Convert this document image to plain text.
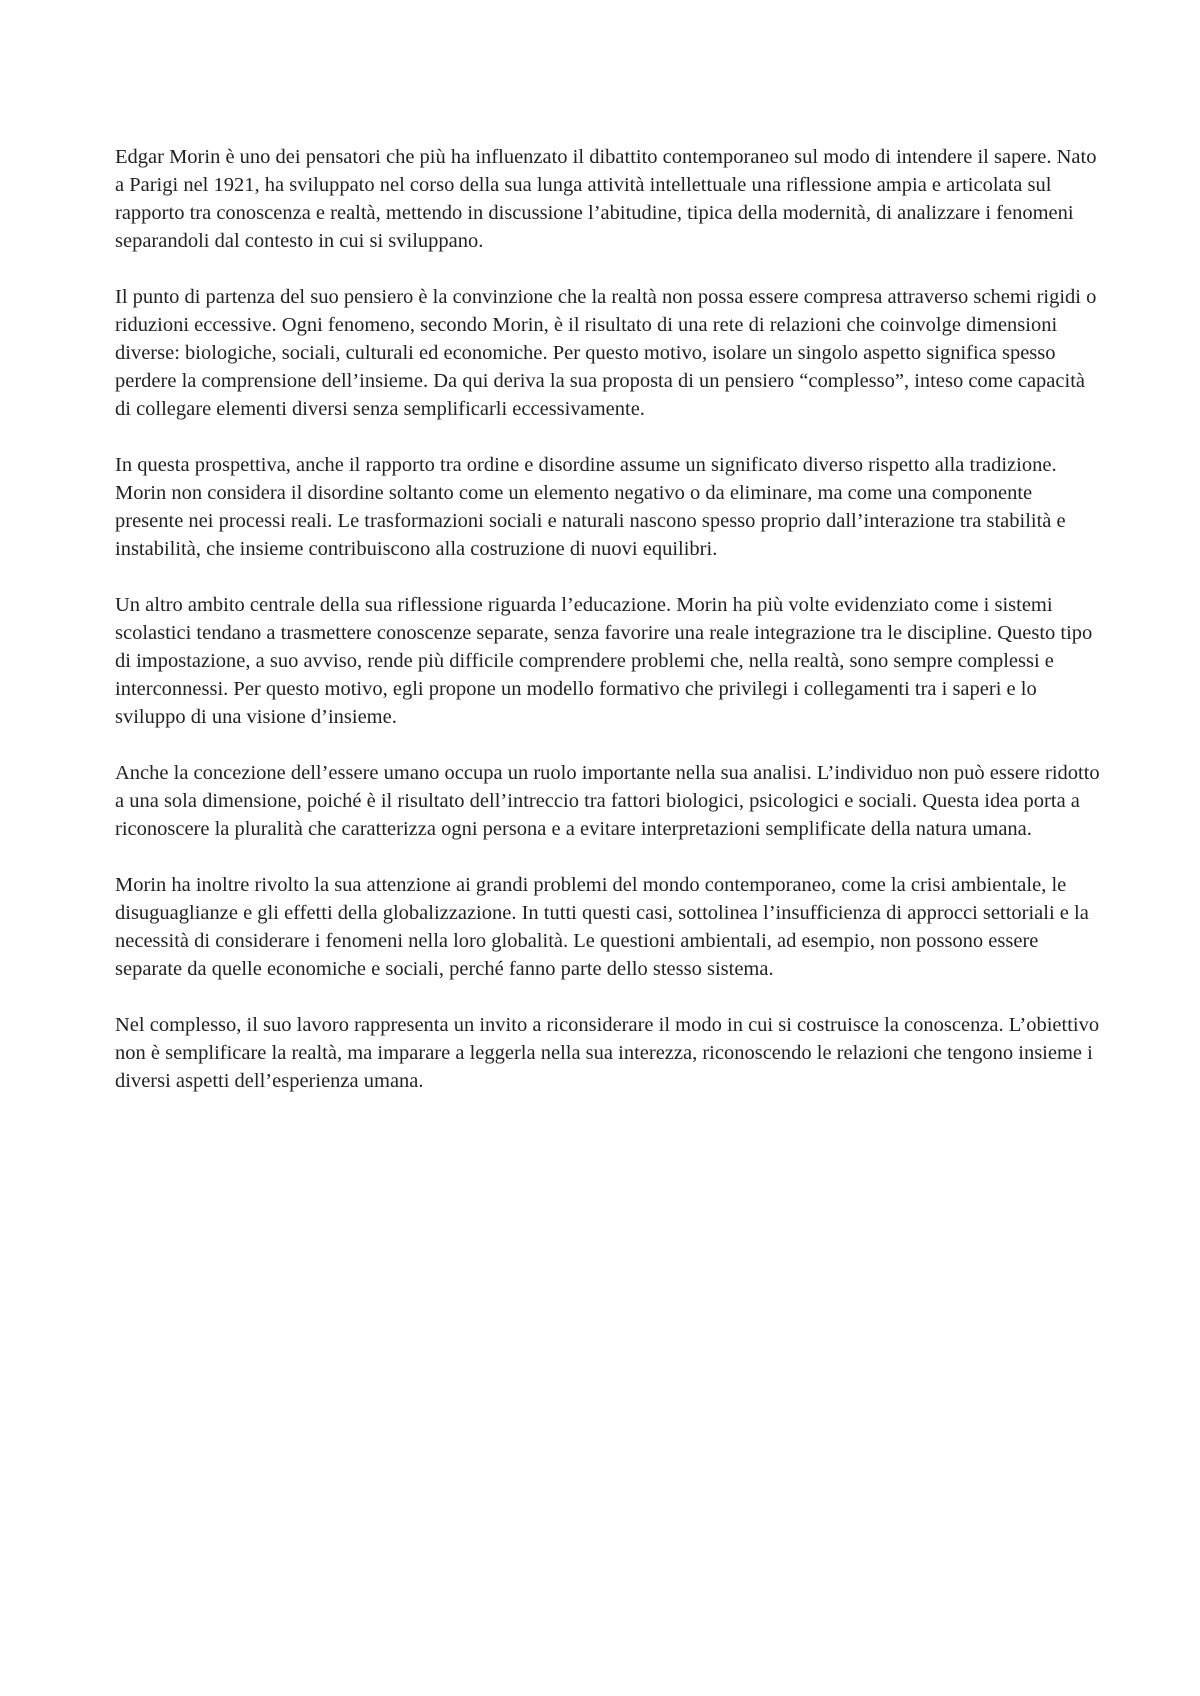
Edgar Morin è uno dei pensatori che più ha influenzato il dibattito contemporaneo sul modo di intendere il sapere. Nato a Parigi nel 1921, ha sviluppato nel corso della sua lunga attività intellettuale una riflessione ampia e articolata sul rapporto tra conoscenza e realtà, mettendo in discussione l’abitudine, tipica della modernità, di analizzare i fenomeni separandoli dal contesto in cui si sviluppano.

Il punto di partenza del suo pensiero è la convinzione che la realtà non possa essere compresa attraverso schemi rigidi o riduzioni eccessive. Ogni fenomeno, secondo Morin, è il risultato di una rete di relazioni che coinvolge dimensioni diverse: biologiche, sociali, culturali ed economiche. Per questo motivo, isolare un singolo aspetto significa spesso perdere la comprensione dell’insieme. Da qui deriva la sua proposta di un pensiero “complesso”, inteso come capacità di collegare elementi diversi senza semplificarli eccessivamente.

In questa prospettiva, anche il rapporto tra ordine e disordine assume un significato diverso rispetto alla tradizione. Morin non considera il disordine soltanto come un elemento negativo o da eliminare, ma come una componente presente nei processi reali. Le trasformazioni sociali e naturali nascono spesso proprio dall’interazione tra stabilità e instabilità, che insieme contribuiscono alla costruzione di nuovi equilibri.

Un altro ambito centrale della sua riflessione riguarda l’educazione. Morin ha più volte evidenziato come i sistemi scolastici tendano a trasmettere conoscenze separate, senza favorire una reale integrazione tra le discipline. Questo tipo di impostazione, a suo avviso, rende più difficile comprendere problemi che, nella realtà, sono sempre complessi e interconnessi. Per questo motivo, egli propone un modello formativo che privilegi i collegamenti tra i saperi e lo sviluppo di una visione d’insieme.

Anche la concezione dell’essere umano occupa un ruolo importante nella sua analisi. L’individuo non può essere ridotto a una sola dimensione, poiché è il risultato dell’intreccio tra fattori biologici, psicologici e sociali. Questa idea porta a riconoscere la pluralità che caratterizza ogni persona e a evitare interpretazioni semplificate della natura umana.

Morin ha inoltre rivolto la sua attenzione ai grandi problemi del mondo contemporaneo, come la crisi ambientale, le disuguaglianze e gli effetti della globalizzazione. In tutti questi casi, sottolinea l’insufficienza di approcci settoriali e la necessità di considerare i fenomeni nella loro globalità. Le questioni ambientali, ad esempio, non possono essere separate da quelle economiche e sociali, perché fanno parte dello stesso sistema.

Nel complesso, il suo lavoro rappresenta un invito a riconsiderare il modo in cui si costruisce la conoscenza. L’obiettivo non è semplificare la realtà, ma imparare a leggerla nella sua interezza, riconoscendo le relazioni che tengono insieme i diversi aspetti dell’esperienza umana.
